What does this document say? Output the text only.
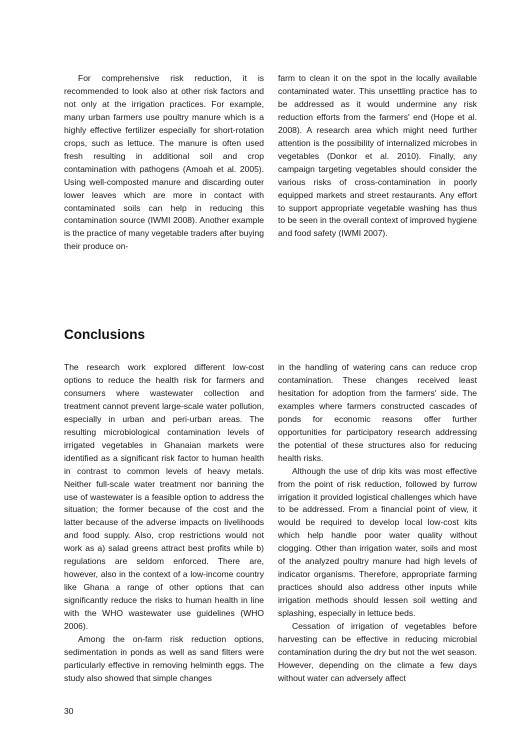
For comprehensive risk reduction, it is recommended to look also at other risk factors and not only at the irrigation practices. For example, many urban farmers use poultry manure which is a highly effective fertilizer especially for short-rotation crops, such as lettuce. The manure is often used fresh resulting in additional soil and crop contamination with pathogens (Amoah et al. 2005). Using well-composted manure and discarding outer lower leaves which are more in contact with contaminated soils can help in reducing this contamination source (IWMI 2008). Another example is the practice of many vegetable traders after buying their produce on-

farm to clean it on the spot in the locally available contaminated water. This unsettling practice has to be addressed as it would undermine any risk reduction efforts from the farmers' end (Hope et al. 2008). A research area which might need further attention is the possibility of internalized microbes in vegetables (Donkor et al. 2010). Finally, any campaign targeting vegetables should consider the various risks of cross-contamination in poorly equipped markets and street restaurants. Any effort to support appropriate vegetable washing has thus to be seen in the overall context of improved hygiene and food safety (IWMI 2007).

Conclusions

The research work explored different low-cost options to reduce the health risk for farmers and consumers where wastewater collection and treatment cannot prevent large-scale water pollution, especially in urban and peri-urban areas. The resulting microbiological contamination levels of irrigated vegetables in Ghanaian markets were identified as a significant risk factor to human health in contrast to common levels of heavy metals. Neither full-scale water treatment nor banning the use of wastewater is a feasible option to address the situation; the former because of the cost and the latter because of the adverse impacts on livelihoods and food supply. Also, crop restrictions would not work as a) salad greens attract best profits while b) regulations are seldom enforced. There are, however, also in the context of a low-income country like Ghana a range of other options that can significantly reduce the risks to human health in line with the WHO wastewater use guidelines (WHO 2006).

Among the on-farm risk reduction options, sedimentation in ponds as well as sand filters were particularly effective in removing helminth eggs. The study also showed that simple changes

in the handling of watering cans can reduce crop contamination. These changes received least hesitation for adoption from the farmers' side. The examples where farmers constructed cascades of ponds for economic reasons offer further opportunities for participatory research addressing the potential of these structures also for reducing health risks.

Although the use of drip kits was most effective from the point of risk reduction, followed by furrow irrigation it provided logistical challenges which have to be addressed. From a financial point of view, it would be required to develop local low-cost kits which help handle poor water quality without clogging. Other than irrigation water, soils and most of the analyzed poultry manure had high levels of indicator organisms. Therefore, appropriate farming practices should also address other inputs while irrigation methods should lessen soil wetting and splashing, especially in lettuce beds.

Cessation of irrigation of vegetables before harvesting can be effective in reducing microbial contamination during the dry but not the wet season. However, depending on the climate a few days without water can adversely affect

30
